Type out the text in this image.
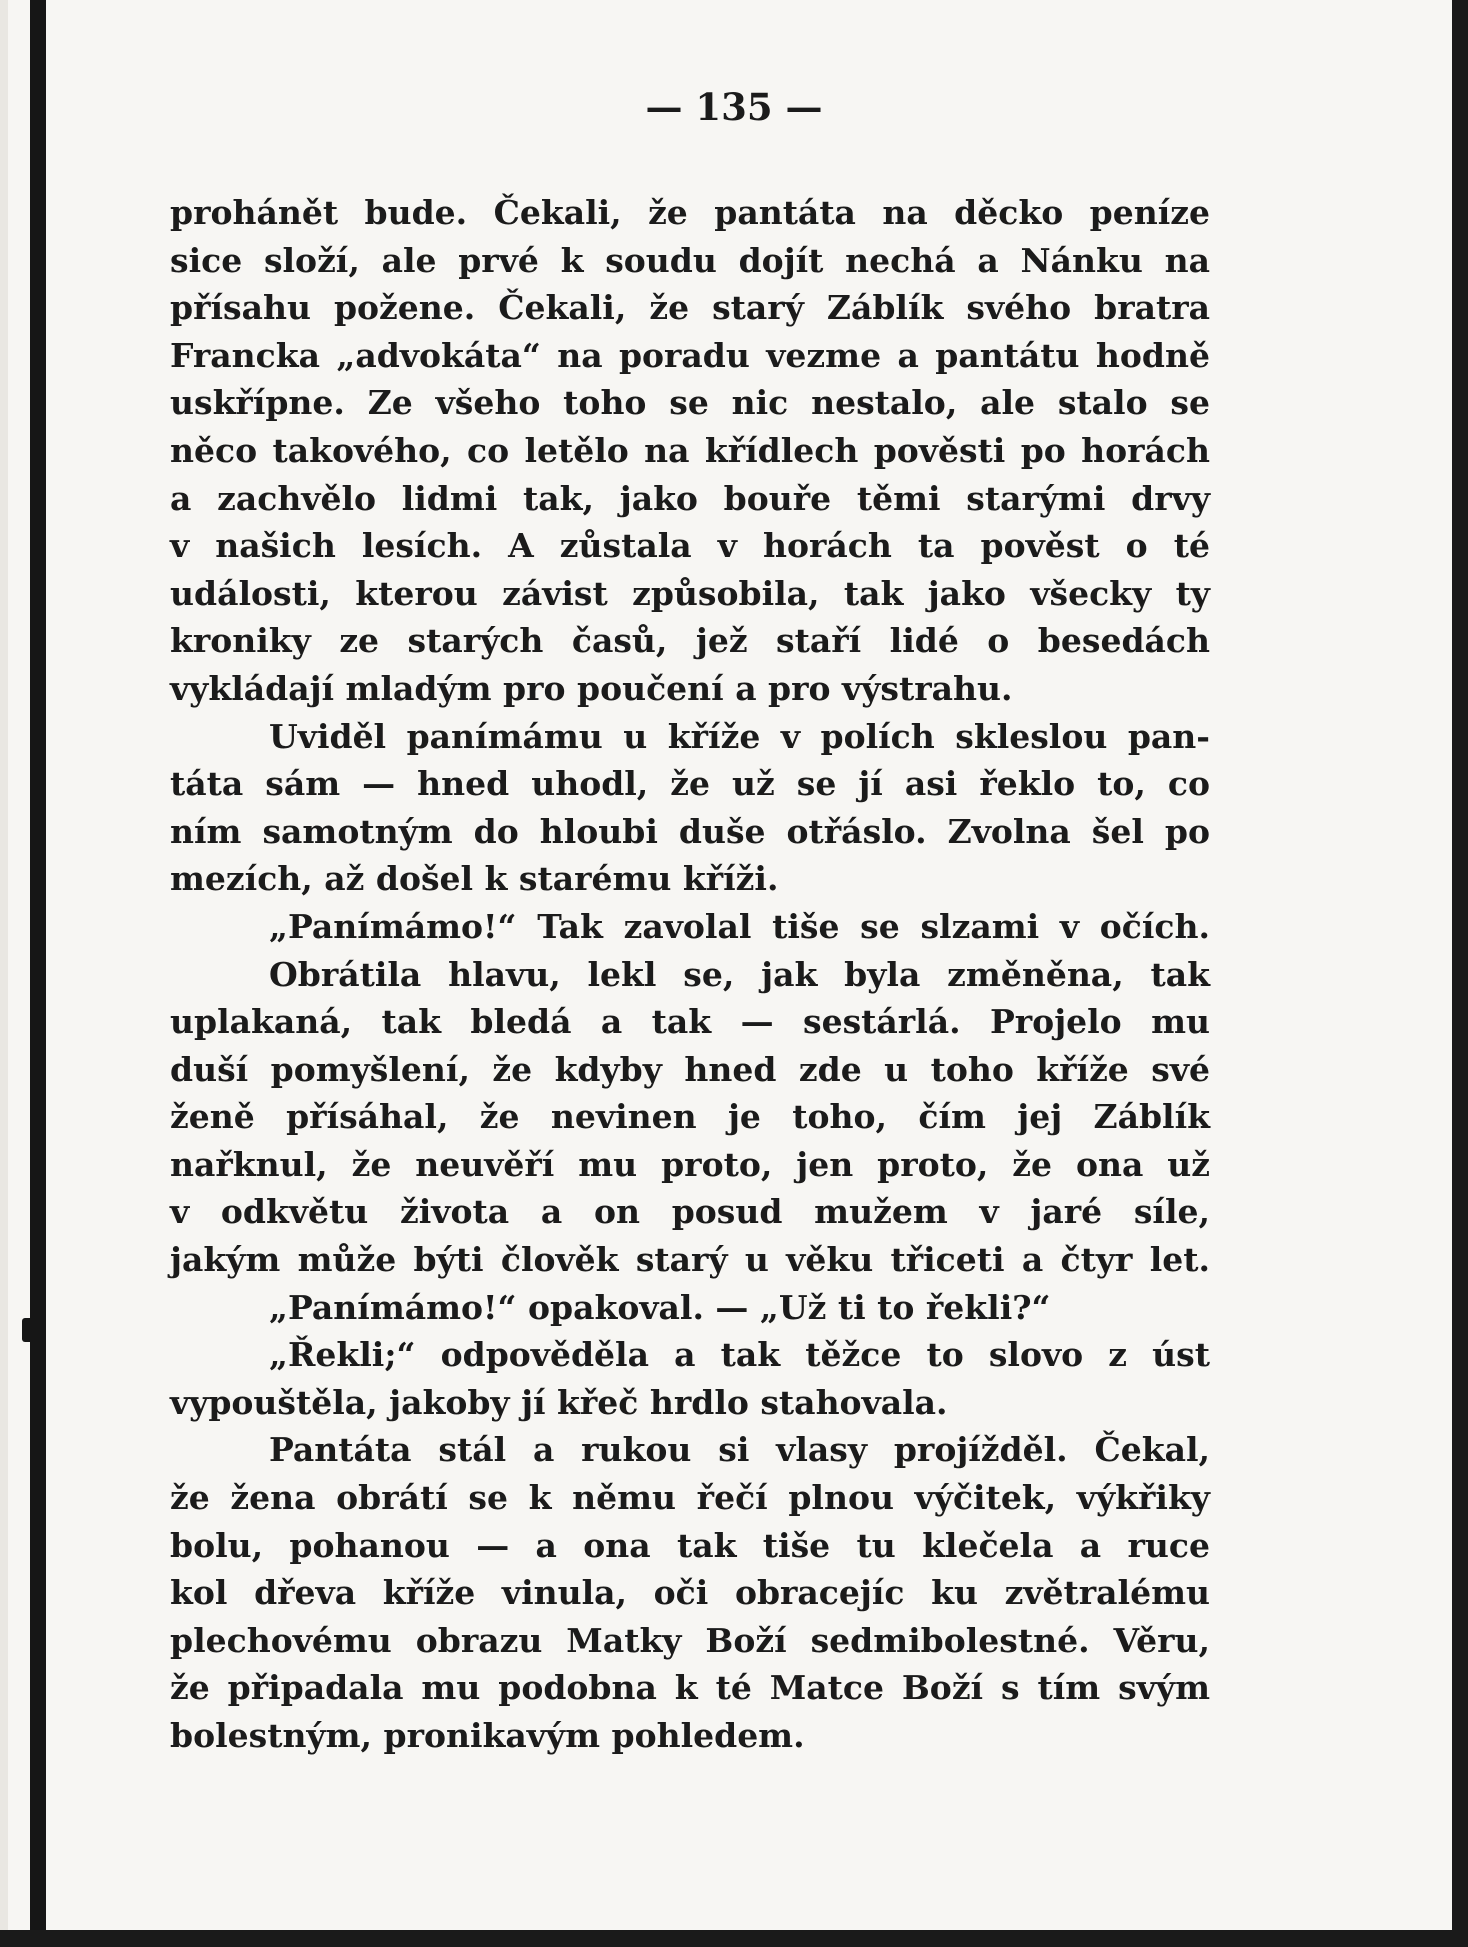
— 135 —
prohánět bude. Čekali, že pantáta na děcko peníze
sice složí, ale prvé k soudu dojít nechá a Nánku na
přísahu požene. Čekali, že starý Záblík svého bratra
Francka „advokáta“ na poradu vezme a pantátu hodně
uskřípne. Ze všeho toho se nic nestalo, ale stalo se
něco takového, co letělo na křídlech pověsti po horách
a zachvělo lidmi tak, jako bouře těmi starými drvy
v našich lesích. A zůstala v horách ta pověst o té
události, kterou závist způsobila, tak jako všecky ty
kroniky ze starých časů, jež staří lidé o besedách
vykládají mladým pro poučení a pro výstrahu.
Uviděl panímámu u kříže v polích skleslou pan-
táta sám — hned uhodl, že už se jí asi řeklo to, co
ním samotným do hloubi duše otřáslo. Zvolna šel po
mezích, až došel k starému kříži.
„Panímámo!“ Tak zavolal tiše se slzami v očích.
Obrátila hlavu, lekl se, jak byla změněna, tak
uplakaná, tak bledá a tak — sestárlá. Projelo mu
duší pomyšlení, že kdyby hned zde u toho kříže své
ženě přísáhal, že nevinen je toho, čím jej Záblík
nařknul, že neuvěří mu proto, jen proto, že ona už
v odkvětu života a on posud mužem v jaré síle,
jakým může býti člověk starý u věku třiceti a čtyr let.
„Panímámo!“ opakoval. — „Už ti to řekli?“
„Řekli;“ odpověděla a tak těžce to slovo z úst
vypouštěla, jakoby jí křeč hrdlo stahovala.
Pantáta stál a rukou si vlasy projížděl. Čekal,
že žena obrátí se k němu řečí plnou výčitek, výkřiky
bolu, pohanou — a ona tak tiše tu klečela a ruce
kol dřeva kříže vinula, oči obracejíc ku zvětralému
plechovému obrazu Matky Boží sedmibolestné. Věru,
že připadala mu podobna k té Matce Boží s tím svým
bolestným, pronikavým pohledem.
